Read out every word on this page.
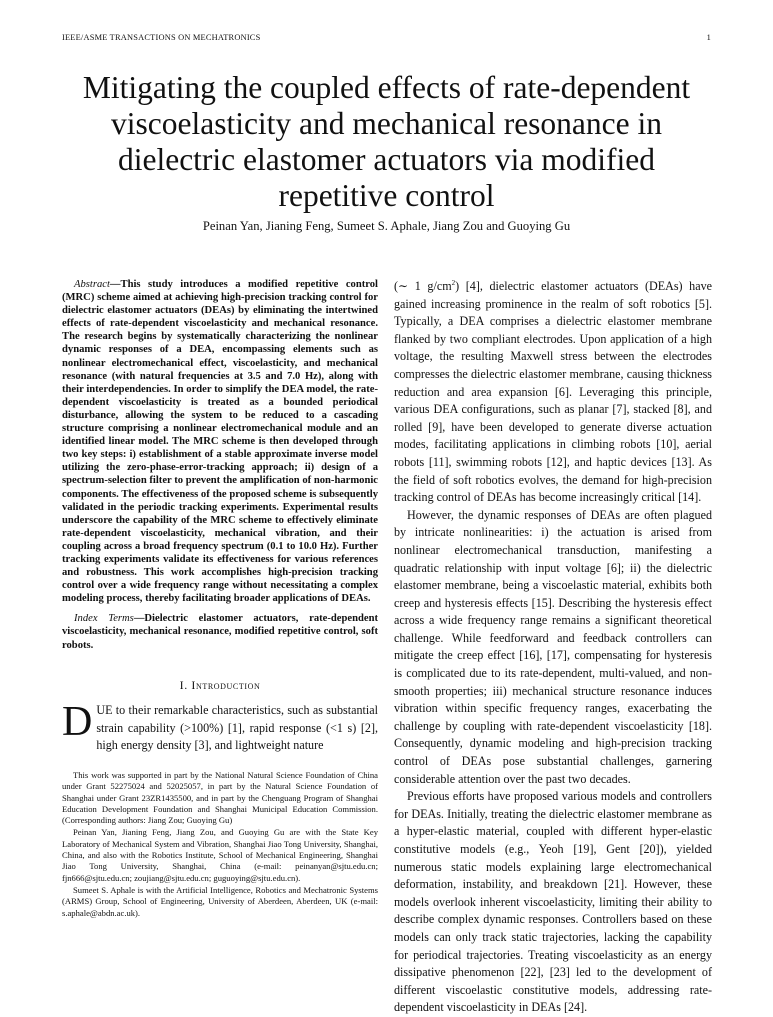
IEEE/ASME TRANSACTIONS ON MECHATRONICS	1
Mitigating the coupled effects of rate-dependent viscoelasticity and mechanical resonance in dielectric elastomer actuators via modified repetitive control
Peinan Yan, Jianing Feng, Sumeet S. Aphale, Jiang Zou and Guoying Gu

Abstract—This study introduces a modified repetitive control (MRC) scheme aimed at achieving high-precision tracking control for dielectric elastomer actuators (DEAs) by eliminating the intertwined effects of rate-dependent viscoelasticity and mechanical resonance. The research begins by systematically characterizing the nonlinear dynamic responses of a DEA, encompassing elements such as nonlinear electromechanical effect, viscoelasticity, and mechanical resonance (with natural frequencies at 3.5 and 7.0 Hz), along with their interdependencies. In order to simplify the DEA model, the rate-dependent viscoelasticity is treated as a bounded periodical disturbance, allowing the system to be reduced to a cascading structure comprising a nonlinear electromechanical module and an identified linear model. The MRC scheme is then developed through two key steps: i) establishment of a stable approximate inverse model utilizing the zero-phase-error-tracking approach; ii) design of a spectrum-selection filter to prevent the amplification of non-harmonic components. The effectiveness of the proposed scheme is subsequently validated in the periodic tracking experiments. Experimental results underscore the capability of the MRC scheme to effectively eliminate rate-dependent viscoelasticity, mechanical vibration, and their coupling across a broad frequency spectrum (0.1 to 10.0 Hz). Further tracking experiments validate its effectiveness for various references and robustness. This work accomplishes high-precision tracking control over a wide frequency range without necessitating a complex modeling process, thereby facilitating broader applications of DEAs.

Index Terms—Dielectric elastomer actuators, rate-dependent viscoelasticity, mechanical resonance, modified repetitive control, soft robots.

I. Introduction

DUE to their remarkable characteristics, such as substantial strain capability (>100%) [1], rapid response (<1 s) [2], high energy density [3], and lightweight nature

This work was supported in part by the National Natural Science Foundation of China under Grant 52275024 and 52025057, in part by the Natural Science Foundation of Shanghai under Grant 23ZR1435500, and in part by the Chenguang Program of Shanghai Education Development Foundation and Shanghai Municipal Education Commission. (Corresponding authors: Jiang Zou; Guoying Gu)

Peinan Yan, Jianing Feng, Jiang Zou, and Guoying Gu are with the State Key Laboratory of Mechanical System and Vibration, Shanghai Jiao Tong University, Shanghai, China, and also with the Robotics Institute, School of Mechanical Engineering, Shanghai Jiao Tong University, Shanghai, China (e-mail: peinanyan@sjtu.edu.cn; fjn666@sjtu.edu.cn; zoujiang@sjtu.edu.cn; guguoying@sjtu.edu.cn).

Sumeet S. Aphale is with the Artificial Intelligence, Robotics and Mechatronic Systems (ARMS) Group, School of Engineering, University of Aberdeen, Aberdeen, UK (e-mail: s.aphale@abdn.ac.uk).

(∼ 1 $g/cm^2$) [4], dielectric elastomer actuators (DEAs) have gained increasing prominence in the realm of soft robotics [5]. Typically, a DEA comprises a dielectric elastomer membrane flanked by two compliant electrodes. Upon application of a high voltage, the resulting Maxwell stress between the electrodes compresses the dielectric elastomer membrane, causing thickness reduction and area expansion [6]. Leveraging this principle, various DEA configurations, such as planar [7], stacked [8], and rolled [9], have been developed to generate diverse actuation modes, facilitating applications in climbing robots [10], aerial robots [11], swimming robots [12], and haptic devices [13]. As the field of soft robotics evolves, the demand for high-precision tracking control of DEAs has become increasingly critical [14].

However, the dynamic responses of DEAs are often plagued by intricate nonlinearities: i) the actuation is arised from nonlinear electromechanical transduction, manifesting a quadratic relationship with input voltage [6]; ii) the dielectric elastomer membrane, being a viscoelastic material, exhibits both creep and hysteresis effects [15]. Describing the hysteresis effect across a wide frequency range remains a significant theoretical challenge. While feedforward and feedback controllers can mitigate the creep effect [16], [17], compensating for hysteresis is complicated due to its rate-dependent, multi-valued, and non-smooth properties; iii) mechanical structure resonance induces vibration within specific frequency ranges, exacerbating the challenge by coupling with rate-dependent viscoelasticity [18]. Consequently, dynamic modeling and high-precision tracking control of DEAs pose substantial challenges, garnering considerable attention over the past two decades.

Previous efforts have proposed various models and controllers for DEAs. Initially, treating the dielectric elastomer membrane as a hyper-elastic material, coupled with different hyper-elastic constitutive models (e.g., Yeoh [19], Gent [20]), yielded numerous static models explaining large electromechanical deformation, instability, and breakdown [21]. However, these models overlook inherent viscoelasticity, limiting their ability to describe complex dynamic responses. Controllers based on these models can only track static trajectories, lacking the capability for periodical trajectories. Treating viscoelasticity as an energy dissipative phenomenon [22], [23] led to the development of different viscoelastic constitutive models, addressing rate-dependent viscoelasticity in DEAs [24].
